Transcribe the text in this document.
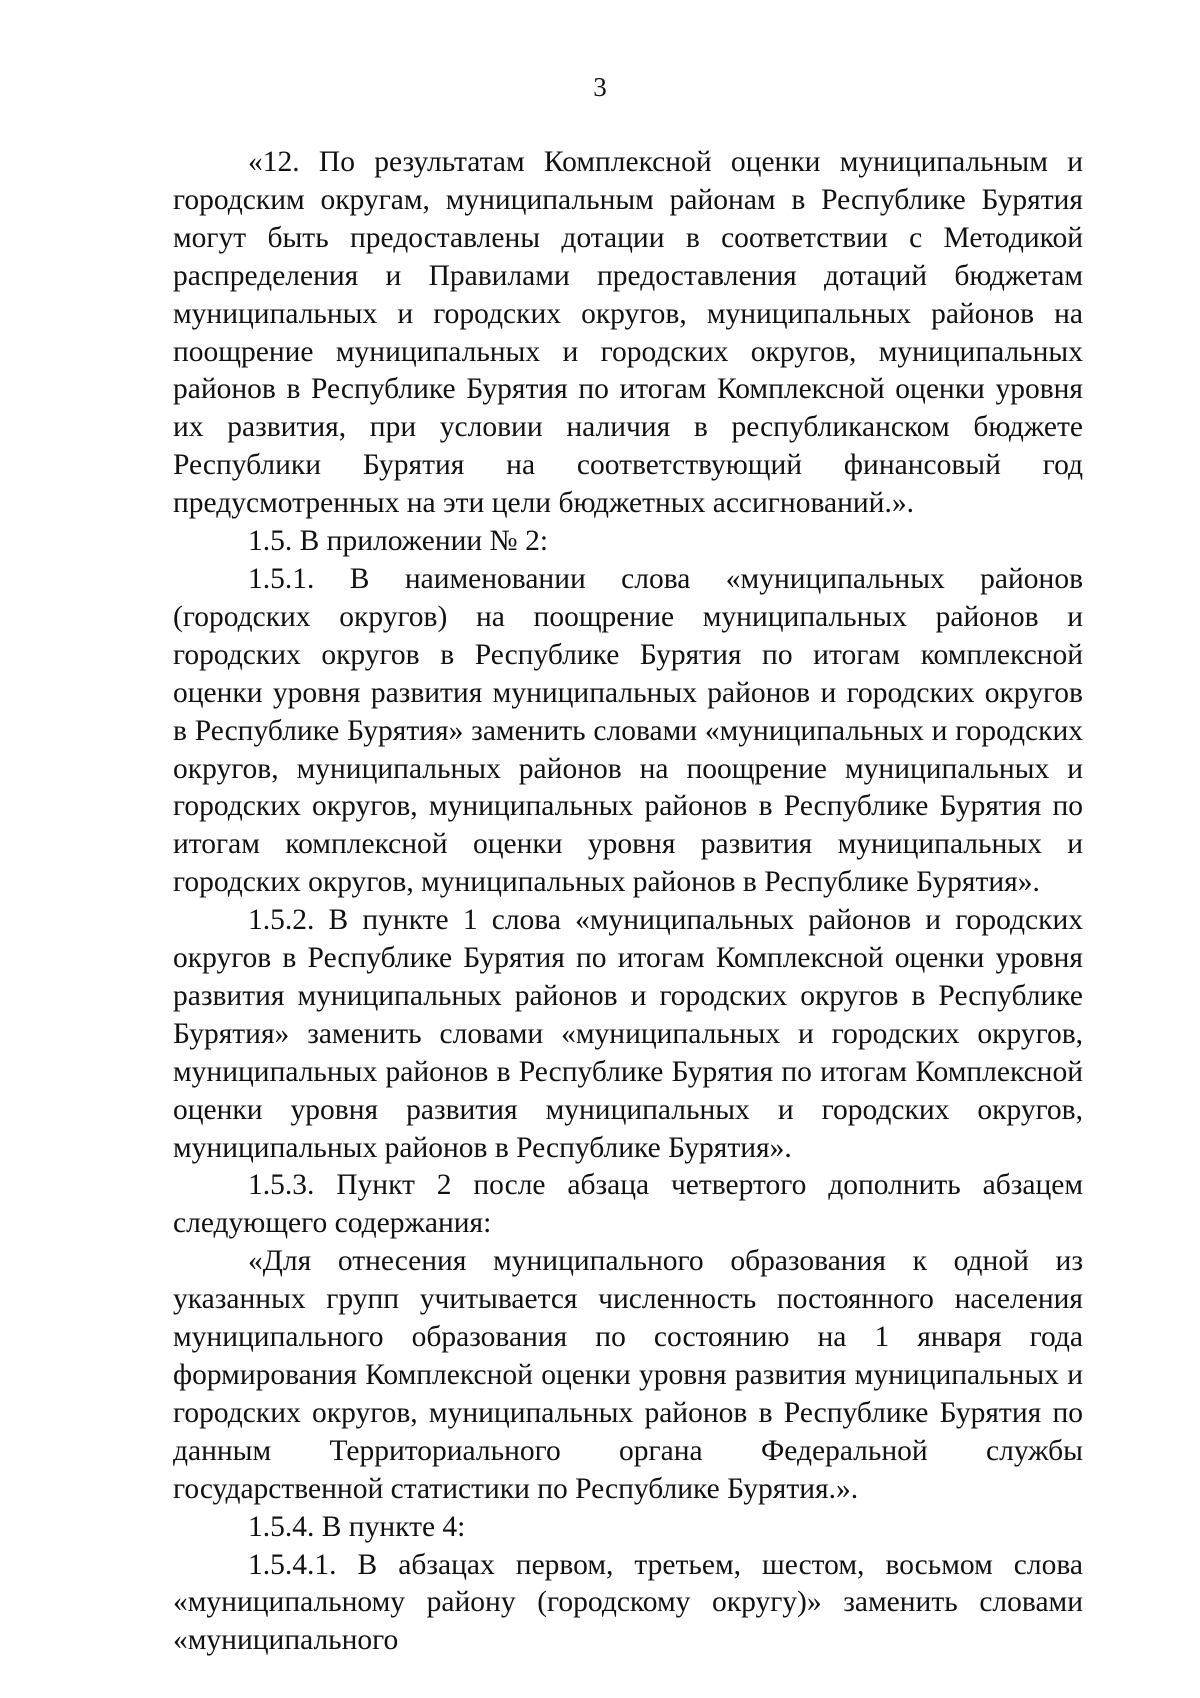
3

«12. По результатам Комплексной оценки муниципальным и городским округам, муниципальным районам в Республике Бурятия могут быть предоставлены дотации в соответствии с Методикой распределения и Правилами предоставления дотаций бюджетам муниципальных и городских округов, муниципальных районов на поощрение муниципальных и городских округов, муниципальных районов в Республике Бурятия по итогам Комплексной оценки уровня их развития, при условии наличия в республиканском бюджете Республики Бурятия на соответствующий финансовый год предусмотренных на эти цели бюджетных ассигнований.».

1.5. В приложении № 2:

1.5.1. В наименовании слова «муниципальных районов (городских округов) на поощрение муниципальных районов и городских округов в Республике Бурятия по итогам комплексной оценки уровня развития муниципальных районов и городских округов в Республике Бурятия» заменить словами «муниципальных и городских округов, муниципальных районов на поощрение муниципальных и городских округов, муниципальных районов в Республике Бурятия по итогам комплексной оценки уровня развития муниципальных и городских округов, муниципальных районов в Республике Бурятия».

1.5.2. В пункте 1 слова «муниципальных районов и городских округов в Республике Бурятия по итогам Комплексной оценки уровня развития муниципальных районов и городских округов в Республике Бурятия» заменить словами «муниципальных и городских округов, муниципальных районов в Республике Бурятия по итогам Комплексной оценки уровня развития муниципальных и городских округов, муниципальных районов в Республике Бурятия».

1.5.3. Пункт 2 после абзаца четвертого дополнить абзацем следующего содержания:

«Для отнесения муниципального образования к одной из указанных групп учитывается численность постоянного населения муниципального образования по состоянию на 1 января года формирования Комплексной оценки уровня развития муниципальных и городских округов, муниципальных районов в Республике Бурятия по данным Территориального органа Федеральной службы государственной статистики по Республике Бурятия.».

1.5.4. В пункте 4:

1.5.4.1. В абзацах первом, третьем, шестом, восьмом слова «муниципальному району (городскому округу)» заменить словами «муниципального
